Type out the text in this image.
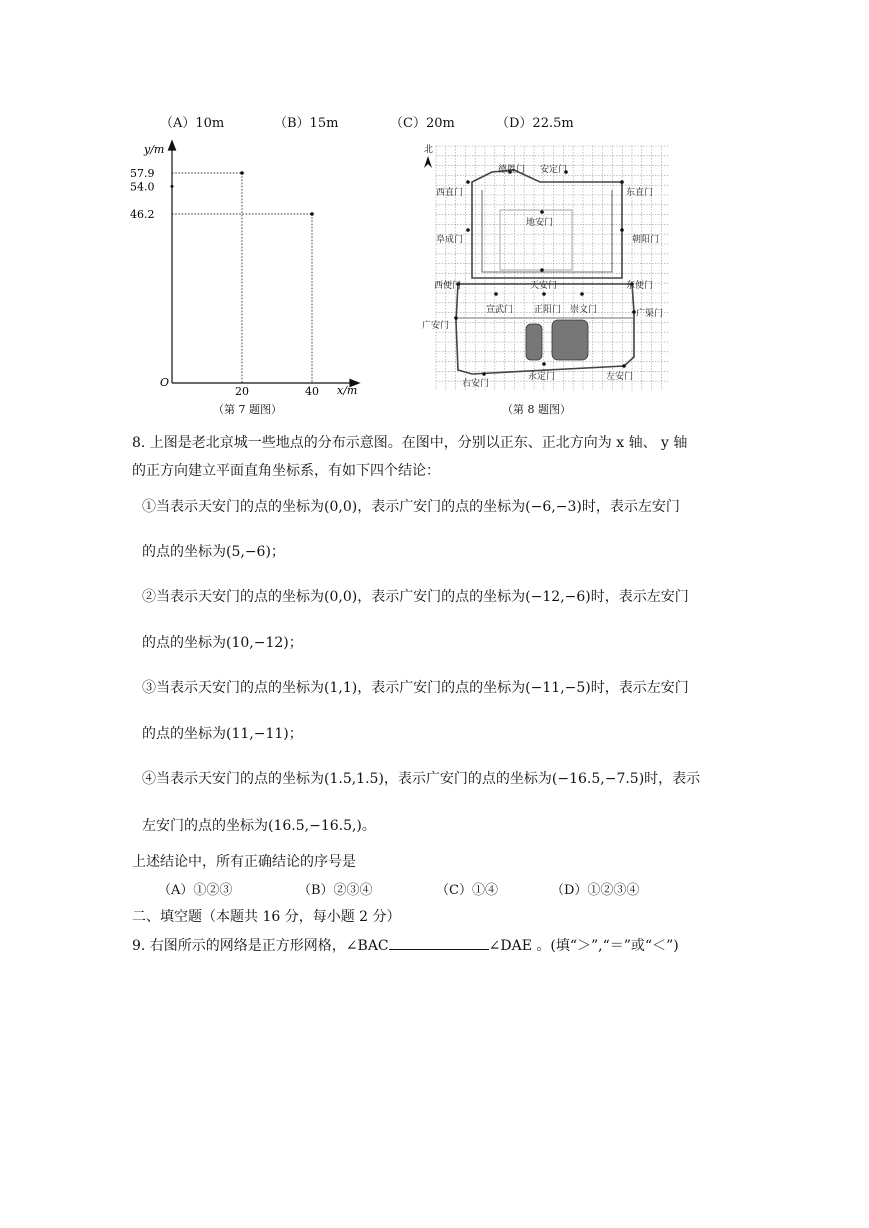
（A）10m	（B）15m	（C）20m	（D）22.5m
y/m
x/m
O
57.9
54.0
46.2
20	40
（第 7 题图）
北
德胜门 安定门
西直门	东直门
地安门
阜成门	朝阳门
天安门
西便门	东便门
宣武门 正阳门 崇文门
广安门
广渠门
右安门
永定门	左安门
（第 8 题图）
8. 上图是老北京城一些地点的分布示意图。在图中，分别以正东、正北方向为 x 轴、 y 轴
的正方向建立平面直角坐标系，有如下四个结论：
①当表示天安门的点的坐标为(0,0)，表示广安门的点的坐标为(−6,−3)时，表示左安门
的点的坐标为(5,−6)；
②当表示天安门的点的坐标为(0,0)，表示广安门的点的坐标为(−12,−6)时，表示左安门
的点的坐标为(10,−12)；
③当表示天安门的点的坐标为(1,1)，表示广安门的点的坐标为(−11,−5)时，表示左安门
的点的坐标为(11,−11)；
④当表示天安门的点的坐标为(1.5,1.5)，表示广安门的点的坐标为(−16.5,−7.5)时，表示
左安门的点的坐标为(16.5,−16.5,)。
上述结论中，所有正确结论的序号是
（A）①②③	（B）②③④	（C）①④	（D）①②③④
二、填空题（本题共 16 分，每小题 2 分）
9. 右图所示的网络是正方形网格，∠BAC	∠DAE 。(填“＞”,“＝”或“＜”)
